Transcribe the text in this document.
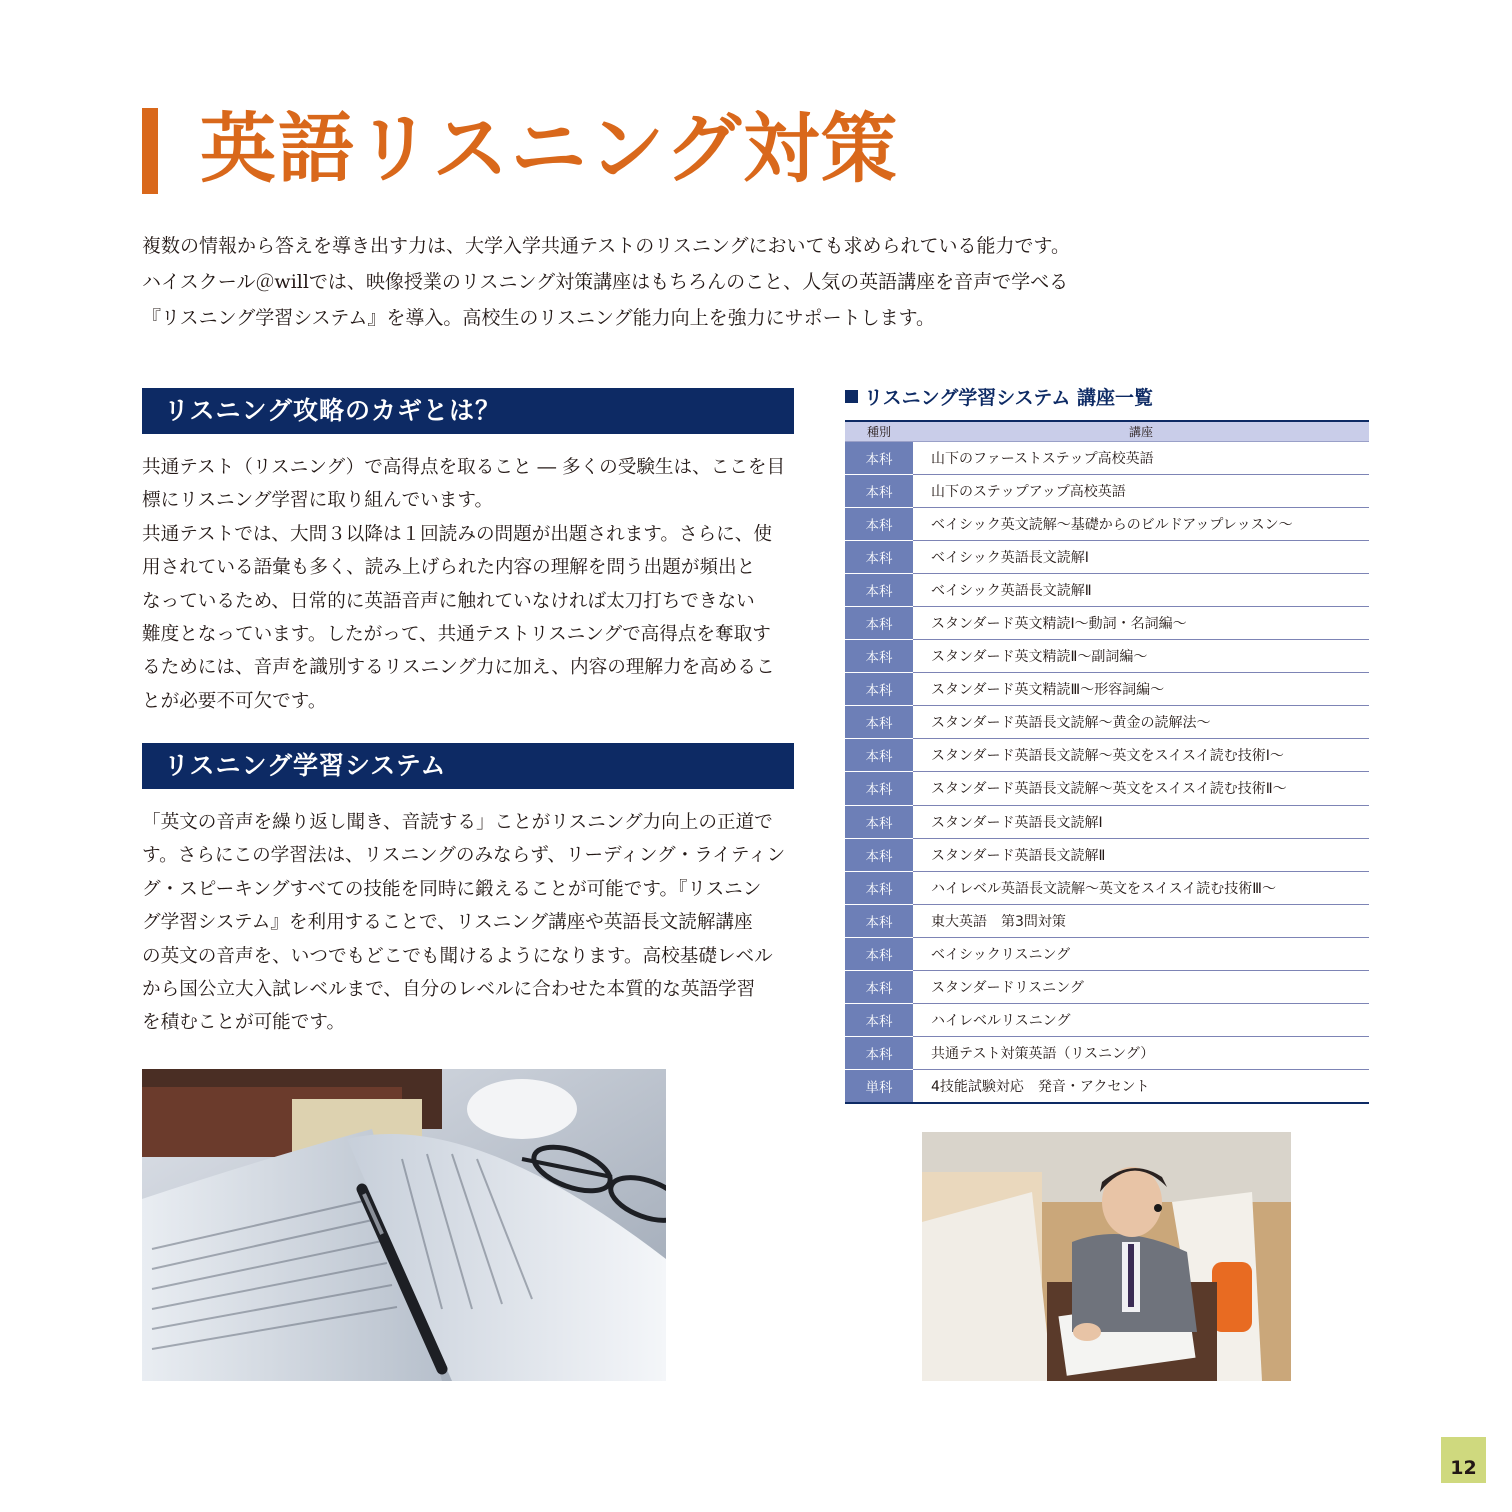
英語リスニング対策

複数の情報から答えを導き出す力は、大学入学共通テストのリスニングにおいても求められている能力です。

ハイスクール＠willでは、映像授業のリスニング対策講座はもちろんのこと、人気の英語講座を音声で学べる

『リスニング学習システム』を導入。高校生のリスニング能力向上を強力にサポートします。

リスニング攻略のカギとは？

共通テスト（リスニング）で高得点を取ること ― 多くの受験生は、ここを目

標にリスニング学習に取り組んでいます。

共通テストでは、大問３以降は１回読みの問題が出題されます。さらに、使

用されている語彙も多く、読み上げられた内容の理解を問う出題が頻出と

なっているため、日常的に英語音声に触れていなければ太刀打ちできない

難度となっています。したがって、共通テストリスニングで高得点を奪取す

るためには、音声を識別するリスニング力に加え、内容の理解力を高めるこ

とが必要不可欠です。

リスニング学習システム

「英文の音声を繰り返し聞き、音読する」ことがリスニング力向上の正道で

す。さらにこの学習法は、リスニングのみならず、リーディング・ライティン

グ・スピーキングすべての技能を同時に鍛えることが可能です。『リスニン

グ学習システム』を利用することで、リスニング講座や英語長文読解講座

の英文の音声を、いつでもどこでも聞けるようになります。高校基礎レベル

から国公立大入試レベルまで、自分のレベルに合わせた本質的な英語学習

を積むことが可能です。

リスニング学習システム 講座一覧
種別	講座
本科	山下のファーストステップ高校英語
本科	山下のステップアップ高校英語
本科	ベイシック英文読解～基礎からのビルドアップレッスン～
本科	ベイシック英語長文読解Ⅰ
本科	ベイシック英語長文読解Ⅱ
本科	スタンダード英文精読Ⅰ～動詞・名詞編～
本科	スタンダード英文精読Ⅱ～副詞編～
本科	スタンダード英文精読Ⅲ～形容詞編～
本科	スタンダード英語長文読解～黄金の読解法～
本科	スタンダード英語長文読解～英文をスイスイ読む技術Ⅰ～
本科	スタンダード英語長文読解～英文をスイスイ読む技術Ⅱ～
本科	スタンダード英語長文読解Ⅰ
本科	スタンダード英語長文読解Ⅱ
本科	ハイレベル英語長文読解～英文をスイスイ読む技術Ⅲ～
本科	東大英語　第3問対策
本科	ベイシックリスニング
本科	スタンダードリスニング
本科	ハイレベルリスニング
本科	共通テスト対策英語（リスニング）
単科	4技能試験対応　発音・アクセント
12
